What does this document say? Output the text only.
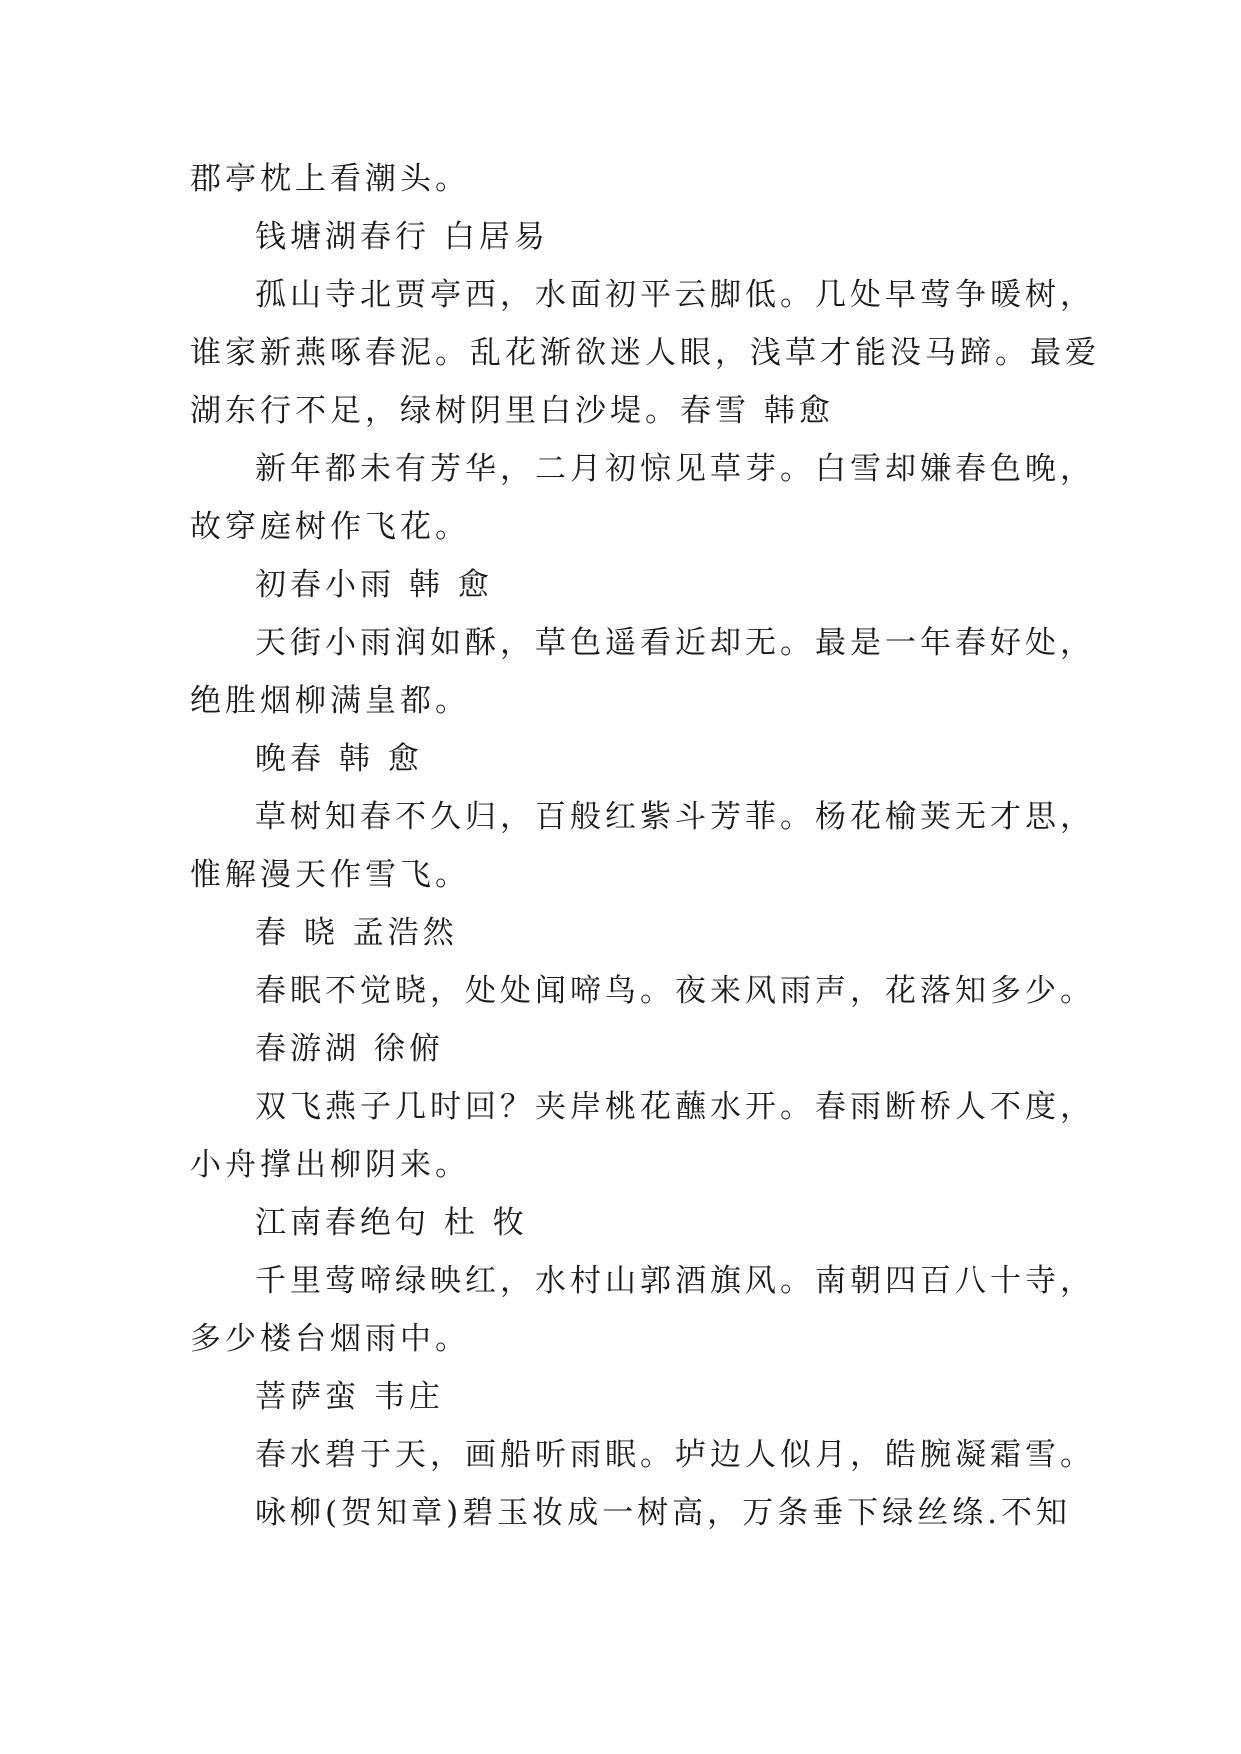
郡亭枕上看潮头。
钱塘湖春行 白居易
孤山寺北贾亭西，水面初平云脚低。几处早莺争暖树，
谁家新燕啄春泥。乱花渐欲迷人眼，浅草才能没马蹄。最爱
湖东行不足，绿树阴里白沙堤。春雪 韩愈
新年都未有芳华，二月初惊见草芽。白雪却嫌春色晚，
故穿庭树作飞花。
初春小雨 韩 愈
天街小雨润如酥，草色遥看近却无。最是一年春好处，
绝胜烟柳满皇都。
晚春 韩 愈
草树知春不久归，百般红紫斗芳菲。杨花榆荚无才思，
惟解漫天作雪飞。
春 晓 孟浩然
春眠不觉晓，处处闻啼鸟。夜来风雨声，花落知多少。
春游湖 徐俯
双飞燕子几时回？夹岸桃花蘸水开。春雨断桥人不度，
小舟撑出柳阴来。
江南春绝句 杜 牧
千里莺啼绿映红，水村山郭酒旗风。南朝四百八十寺，
多少楼台烟雨中。
菩萨蛮 韦庄
春水碧于天，画船听雨眠。垆边人似月，皓腕凝霜雪。
咏柳(贺知章)碧玉妆成一树高，万条垂下绿丝绦.不知
